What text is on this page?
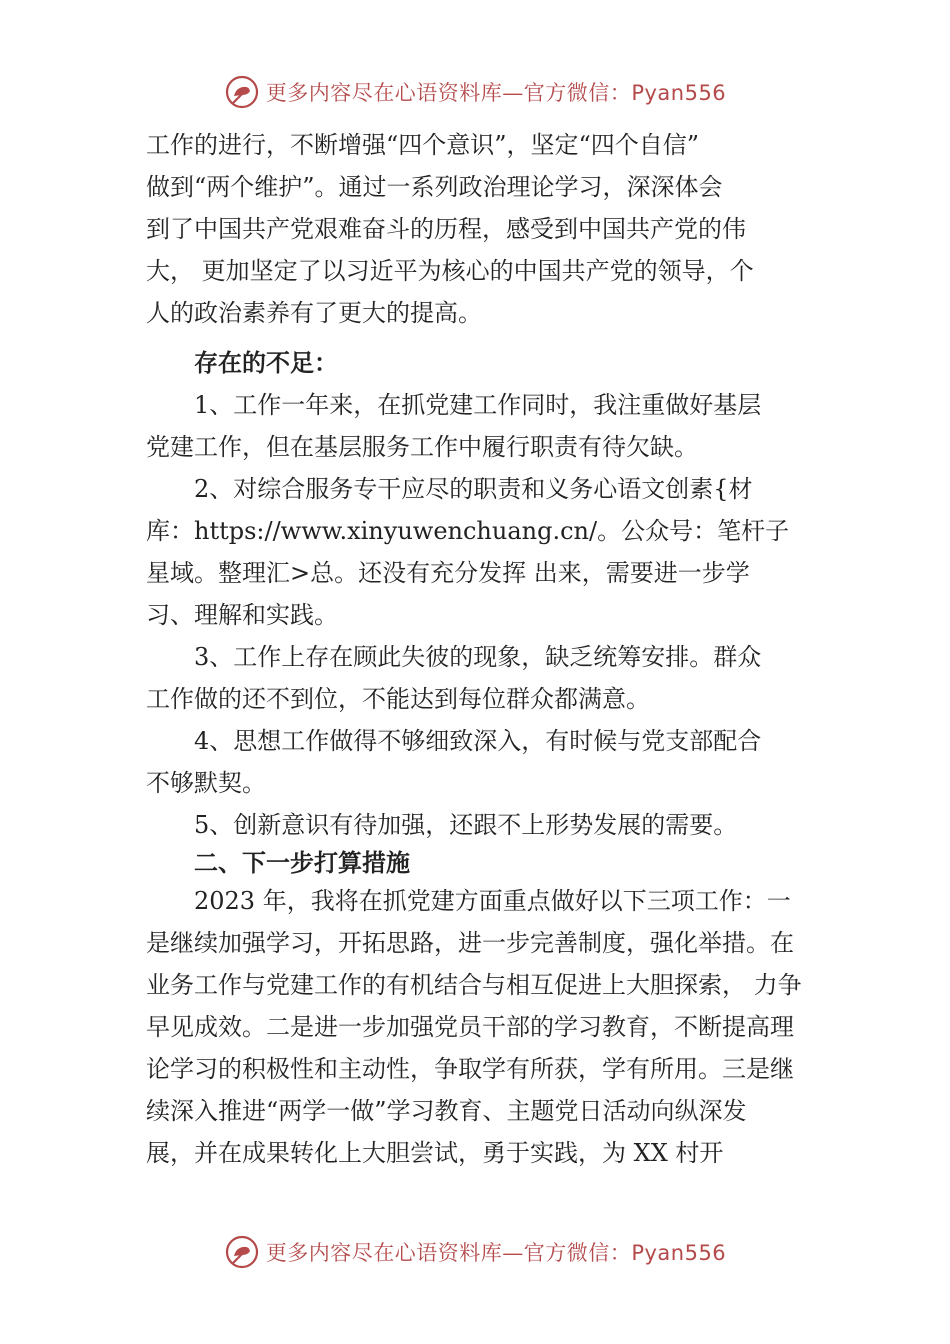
更多内容尽在心语资料库—官方微信：Pyan556
工作的进行，不断增强“四个意识”，坚定“四个自信”
做到“两个维护”。通过一系列政治理论学习，深深体会
到了中国共产党艰难奋斗的历程，感受到中国共产党的伟
大， 更加坚定了以习近平为核心的中国共产党的领导，个
人的政治素养有了更大的提高。
存在的不足：
1、工作一年来，在抓党建工作同时，我注重做好基层
党建工作，但在基层服务工作中履行职责有待欠缺。
2、对综合服务专干应尽的职责和义务心语文创素{材
库：https://www.xinyuwenchuang.cn/。公众号：笔杆子
星域。整理汇>总。还没有充分发挥 出来，需要进一步学
习、理解和实践。
3、工作上存在顾此失彼的现象，缺乏统筹安排。群众
工作做的还不到位，不能达到每位群众都满意。
4、思想工作做得不够细致深入，有时候与党支部配合
不够默契。
5、创新意识有待加强，还跟不上形势发展的需要。
二、下一步打算措施
2023 年，我将在抓党建方面重点做好以下三项工作：一
是继续加强学习，开拓思路，进一步完善制度，强化举措。在
业务工作与党建工作的有机结合与相互促进上大胆探索， 力争
早见成效。二是进一步加强党员干部的学习教育，不断提高理
论学习的积极性和主动性，争取学有所获，学有所用。三是继
续深入推进“两学一做”学习教育、主题党日活动向纵深发
展，并在成果转化上大胆尝试，勇于实践，为 XX 村开
更多内容尽在心语资料库—官方微信：Pyan556
